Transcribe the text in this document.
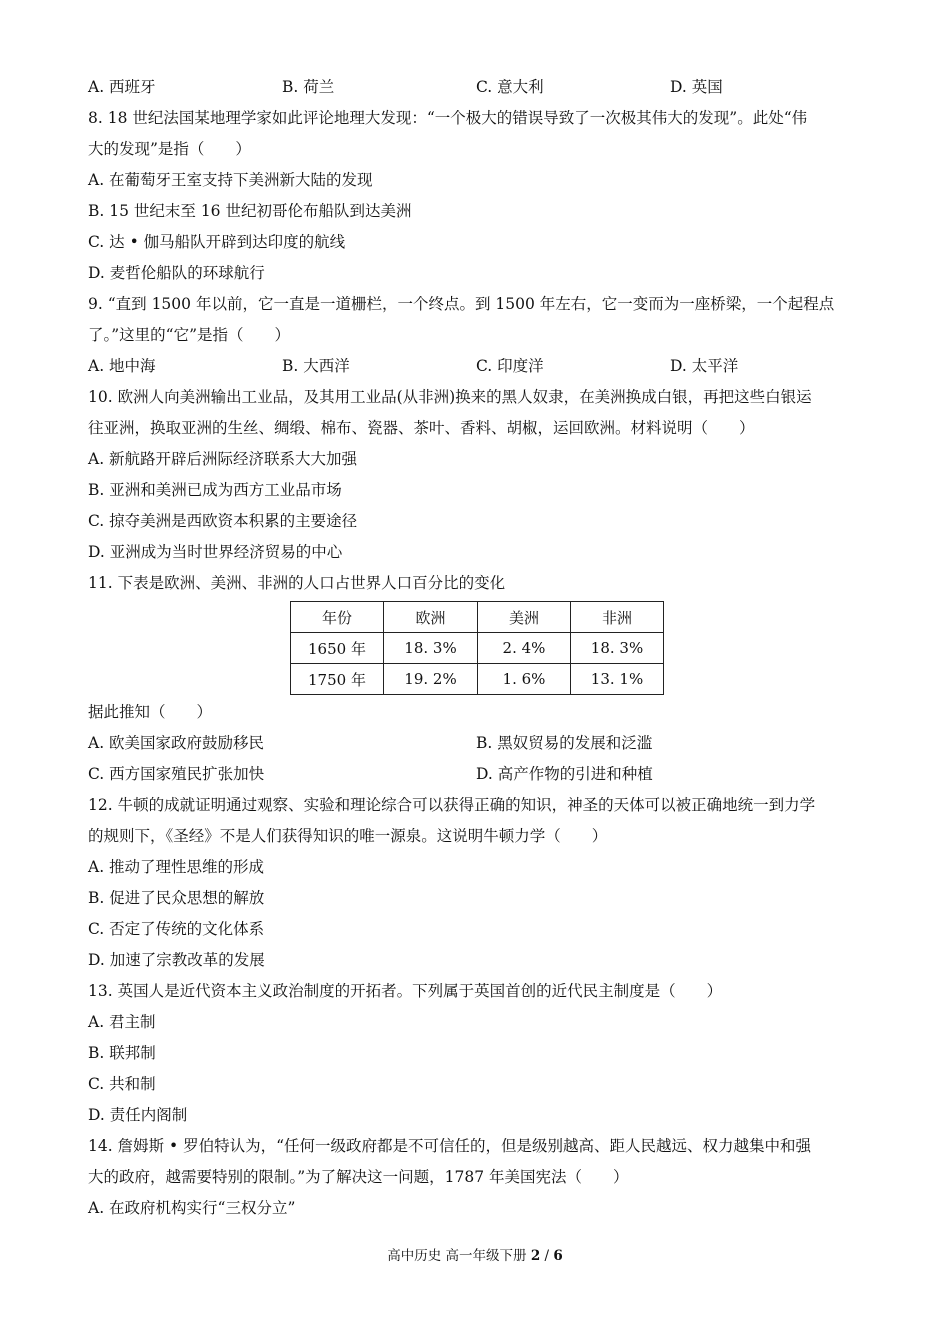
A. 西班牙	B. 荷兰	C. 意大利	D. 英国
8. 18 世纪法国某地理学家如此评论地理大发现：“一个极大的错误导致了一次极其伟大的发现”。此处“伟
大的发现”是指（　　）
A. 在葡萄牙王室支持下美洲新大陆的发现
B. 15 世纪末至 16 世纪初哥伦布船队到达美洲
C. 达 • 伽马船队开辟到达印度的航线
D. 麦哲伦船队的环球航行
9. “直到 1500 年以前，它一直是一道栅栏，一个终点。到 1500 年左右，它一变而为一座桥梁，一个起程点
了。”这里的“它”是指（　　）
A. 地中海	B. 大西洋	C. 印度洋	D. 太平洋
10. 欧洲人向美洲输出工业品，及其用工业品(从非洲)换来的黑人奴隶，在美洲换成白银，再把这些白银运
往亚洲，换取亚洲的生丝、绸缎、棉布、瓷器、茶叶、香料、胡椒，运回欧洲。材料说明（　　）
A. 新航路开辟后洲际经济联系大大加强
B. 亚洲和美洲已成为西方工业品市场
C. 掠夺美洲是西欧资本积累的主要途径
D. 亚洲成为当时世界经济贸易的中心
11. 下表是欧洲、美洲、非洲的人口占世界人口百分比的变化
年份	欧洲	美洲	非洲
1650 年	18. 3%	2. 4%	18. 3%
1750 年	19. 2%	1. 6%	13. 1%
据此推知（　　）
A. 欧美国家政府鼓励移民	B. 黑奴贸易的发展和泛滥
C. 西方国家殖民扩张加快	D. 高产作物的引进和种植
12. 牛顿的成就证明通过观察、实验和理论综合可以获得正确的知识，神圣的天体可以被正确地统一到力学
的规则下，《圣经》不是人们获得知识的唯一源泉。这说明牛顿力学（　　）
A. 推动了理性思维的形成
B. 促进了民众思想的解放
C. 否定了传统的文化体系
D. 加速了宗教改革的发展
13. 英国人是近代资本主义政治制度的开拓者。下列属于英国首创的近代民主制度是（　　）
A. 君主制
B. 联邦制
C. 共和制
D. 责任内阁制
14. 詹姆斯 • 罗伯特认为，“任何一级政府都是不可信任的，但是级别越高、距人民越远、权力越集中和强
大的政府，越需要特别的限制。”为了解决这一问题，1787 年美国宪法（　　）
A. 在政府机构实行“三权分立”
高中历史 高一年级下册 2 / 6
